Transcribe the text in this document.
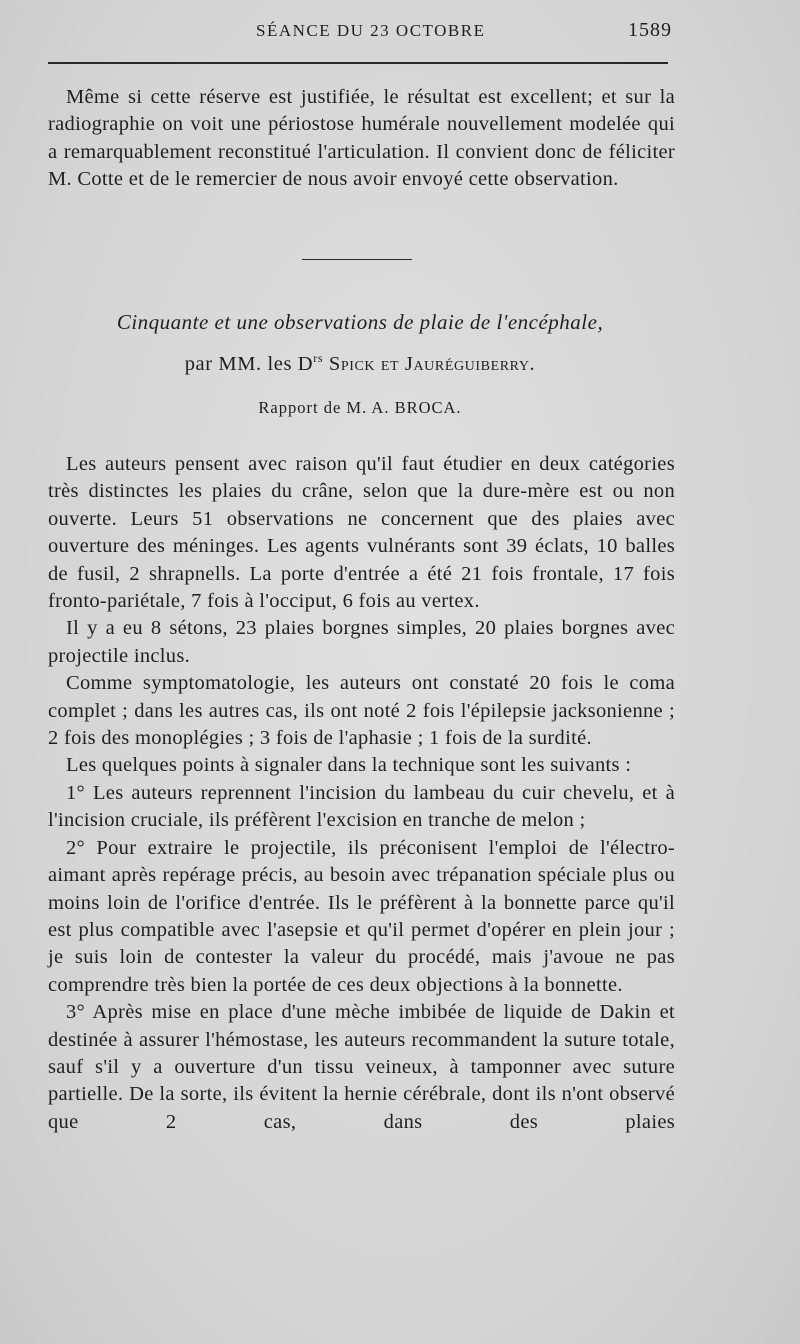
SÉANCE DU 23 OCTOBRE	1589

Même si cette réserve est justifiée, le résultat est excellent; et sur la radiographie on voit une périostose humérale nouvellement modelée qui a remarquablement reconstitué l'articulation. Il convient donc de féliciter M. Cotte et de le remercier de nous avoir envoyé cette observation.

Cinquante et une observations de plaie de l'encéphale,
par MM. les $D^{rs}$ Spick et Jauréguiberry.
Rapport de M. A. BROCA.

Les auteurs pensent avec raison qu'il faut étudier en deux catégories très distinctes les plaies du crâne, selon que la dure-mère est ou non ouverte. Leurs 51 observations ne concernent que des plaies avec ouverture des méninges. Les agents vulnérants sont 39 éclats, 10 balles de fusil, 2 shrapnells. La porte d'entrée a été 21 fois frontale, 17 fois fronto-pariétale, 7 fois à l'occiput, 6 fois au vertex.

Il y a eu 8 sétons, 23 plaies borgnes simples, 20 plaies borgnes avec projectile inclus.

Comme symptomatologie, les auteurs ont constaté 20 fois le coma complet ; dans les autres cas, ils ont noté 2 fois l'épilepsie jacksonienne ; 2 fois des monoplégies ; 3 fois de l'aphasie ; 1 fois de la surdité.

Les quelques points à signaler dans la technique sont les suivants :

1° Les auteurs reprennent l'incision du lambeau du cuir chevelu, et à l'incision cruciale, ils préfèrent l'excision en tranche de melon ;

2° Pour extraire le projectile, ils préconisent l'emploi de l'électro-aimant après repérage précis, au besoin avec trépanation spéciale plus ou moins loin de l'orifice d'entrée. Ils le préfèrent à la bonnette parce qu'il est plus compatible avec l'asepsie et qu'il permet d'opérer en plein jour ; je suis loin de contester la valeur du procédé, mais j'avoue ne pas comprendre très bien la portée de ces deux objections à la bonnette.

3° Après mise en place d'une mèche imbibée de liquide de Dakin et destinée à assurer l'hémostase, les auteurs recommandent la suture totale, sauf s'il y a ouverture d'un tissu veineux, à tamponner avec suture partielle. De la sorte, ils évitent la hernie cérébrale, dont ils n'ont observé que 2 cas, dans des plaies
